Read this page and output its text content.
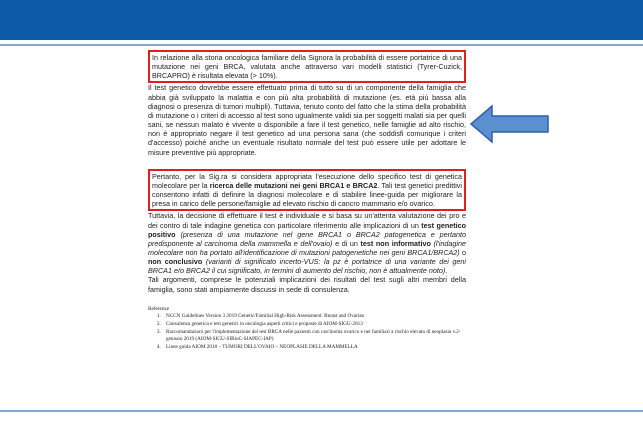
In relazione alla storia oncologica familiare della Signora la probabilità di essere portatrice di una mutazione nei geni BRCA, valutata anche attraverso vari modelli statistici (Tyrer-Cuzick, BRCAPRO) è risultata elevata (> 10%).

Il test genetico dovrebbe essere effettuato prima di tutto su di un componente della famiglia che abbia già sviluppato la malattia e con più alta probabilità di mutazione (es. età più bassa alla diagnosi o presenza di tumori multipli). Tuttavia, tenuto conto del fatto che la stima della probabilità di mutazione o i criteri di accesso al test sono ugualmente validi sia per soggetti malati sia per quelli sani, se nessun malato è vivente o disponibile a fare il test genetico, nelle famiglie ad alto rischio, non è appropriato negare il test genetico ad una persona sana (che soddisfi comunque i criteri d'accesso) poiché anche un eventuale risultato normale del test può essere utile per adottare le misure preventive più appropriate.

Pertanto, per la Sig.ra si considera appropriata l'esecuzione dello specifico test di genetica molecolare per la ricerca delle mutazioni nei geni BRCA1 e BRCA2. Tali test genetici predittivi consentono infatti di definire la diagnosi molecolare e di stabilire linee-guida per migliorare la presa in carico delle persone/famiglie ad elevato rischio di cancro mammario e/o ovarico.

Tuttavia, la decisione di effettuare il test è individuale e si basa su un'attenta valutazione dei pro e dei contro di tale indagine genetica con particolare riferimento alle implicazioni di un test genetico positivo (presenza di una mutazione nel gene BRCA1 o BRCA2 patogenetica e pertanto predisponente al carcinoma della mammella e dell'ovaio) e di un test non informativo (l'indagine molecolare non ha portato all'identificazione di mutazioni patogenetiche nei geni BRCA1/BRCA2) o non conclusivo (varianti di significato incerto-VUS: la pz è portatrice di una variante dei geni BRCA1 e/o BRCA2 il cui significato, in termini di aumento del rischio, non è attualmente noto).

Tali argomenti, comprese le potenziali implicazioni dei risultati del test sugli altri membri della famiglia, sono stati ampiamente discussi in sede di consulenza.

Referenze

1. NCCN Guidelines Version 3 2019 Genetic/Familial High-Risk Assessment: Breast and Ovarian
2. Consulenza genetica e test genetici in oncologia aspetti critici e proposte di AIOM-SIGU-2013
3. Raccomandazioni per l'implementazione del test BRCA nelle pazienti con carcinoma ovarico e nei familiari a rischio elevato di neoplasia v.2-gennaio 2019 (AIOM-SIGU-SIBioC-SIAPEC-IAP)
4. Linee guida AIOM 2018 – TUMORI DELL'OVAIO – NEOPLASIE DELLA MAMMELLA
